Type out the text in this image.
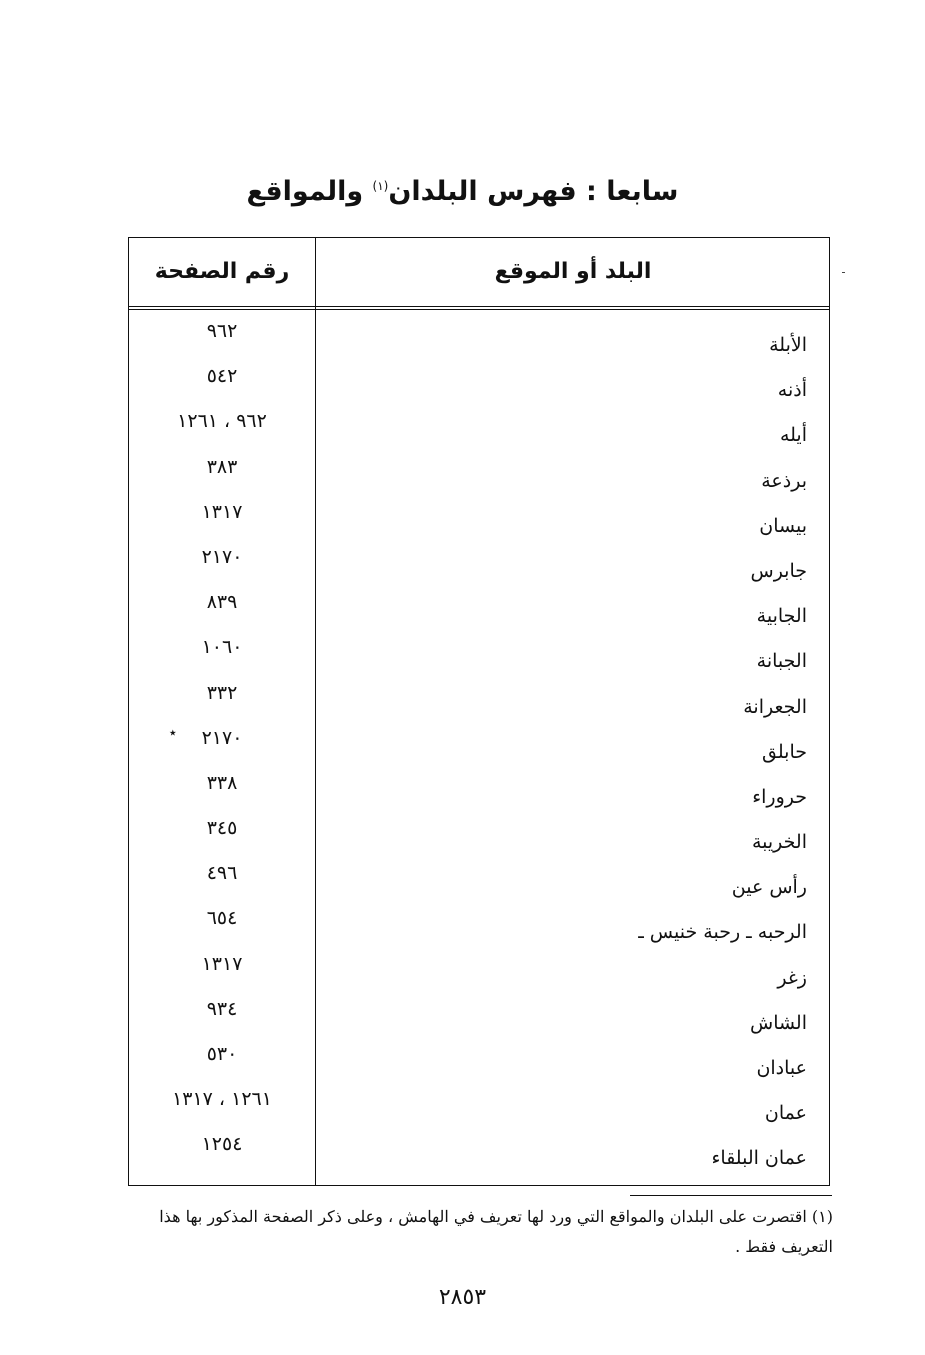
سابعا : فهرس البلدان$^{(١)}$ والمواقع
البلد أو الموقع
رقم الصفحة
الأبلة
٩٦٢
أذنه
٥٤٢
أيله
٩٦٢ ، ١٢٦١
برذعة
٣٨٣
بيسان
١٣١٧
جابرس
٢١٧٠
الجابية
٨٣٩
الجبانة
١٠٦٠
الجعرانة
٣٣٢
حابلق
٢١٧٠
٭
حروراء
٣٣٨
الخريبة
٣٤٥
رأس عين
٤٩٦
الرحبه ـ رحبة خنيس ـ
٦٥٤
زغر
١٣١٧
الشاش
٩٣٤
عبادان
٥٣٠
عمان
١٢٦١ ، ١٣١٧
عمان البلقاء
١٢٥٤
(١) اقتصرت على البلدان والمواقع التي ورد لها تعريف في الهامش ، وعلى ذكر الصفحة المذكور بها هذا التعريف فقط .
٢٨٥٣
